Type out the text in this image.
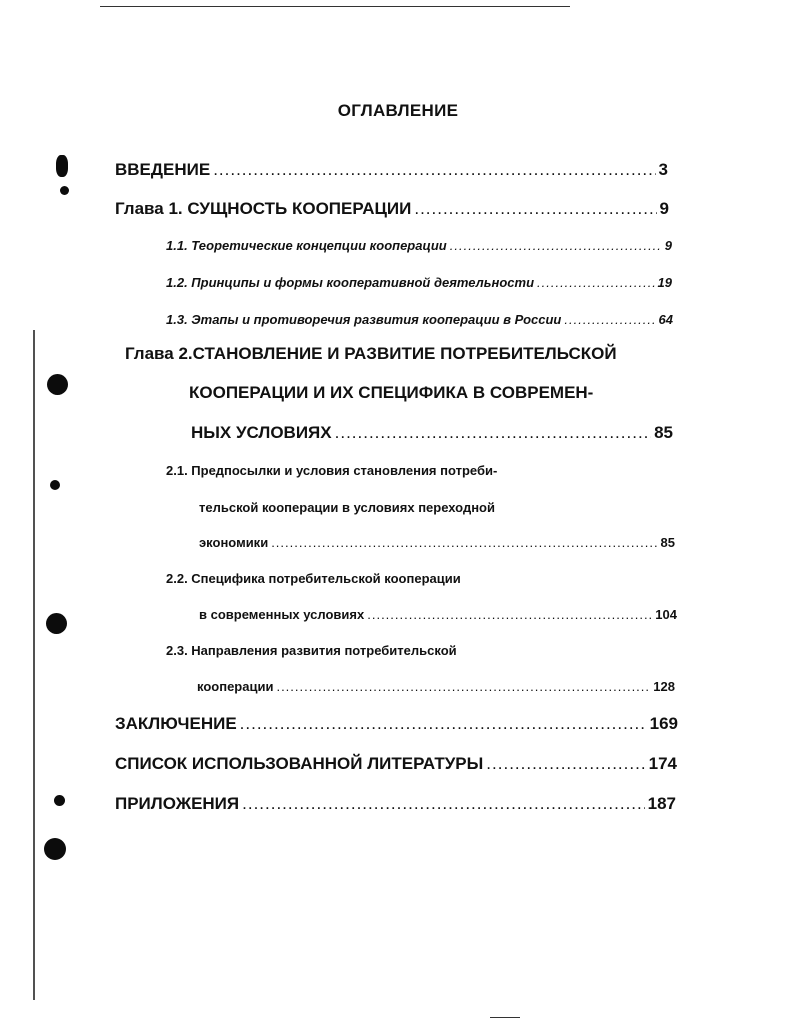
ОГЛАВЛЕНИЕ
ВВЕДЕНИЕ .....	3
Глава 1. СУЩНОСТЬ КООПЕРАЦИИ .....	9
1.1. Теоретические концепции кооперации .....	9
1.2. Принципы и формы кооперативной деятельности .....	19
1.3. Этапы и противоречия развития кооперации в России .....	64
Глава 2.СТАНОВЛЕНИЕ И РАЗВИТИЕ ПОТРЕБИТЕЛЬСКОЙ
КООПЕРАЦИИ И ИХ СПЕЦИФИКА В СОВРЕМЕН-
НЫХ УСЛОВИЯХ .....	85
2.1. Предпосылки и условия становления потреби-
тельской кооперации в условиях переходной
экономики .....	85
2.2. Специфика потребительской кооперации
в современных условиях .....	104
2.3. Направления развития потребительской
кооперации .....	128
ЗАКЛЮЧЕНИЕ .....	169
СПИСОК ИСПОЛЬЗОВАННОЙ ЛИТЕРАТУРЫ .....	174
ПРИЛОЖЕНИЯ .....	187
